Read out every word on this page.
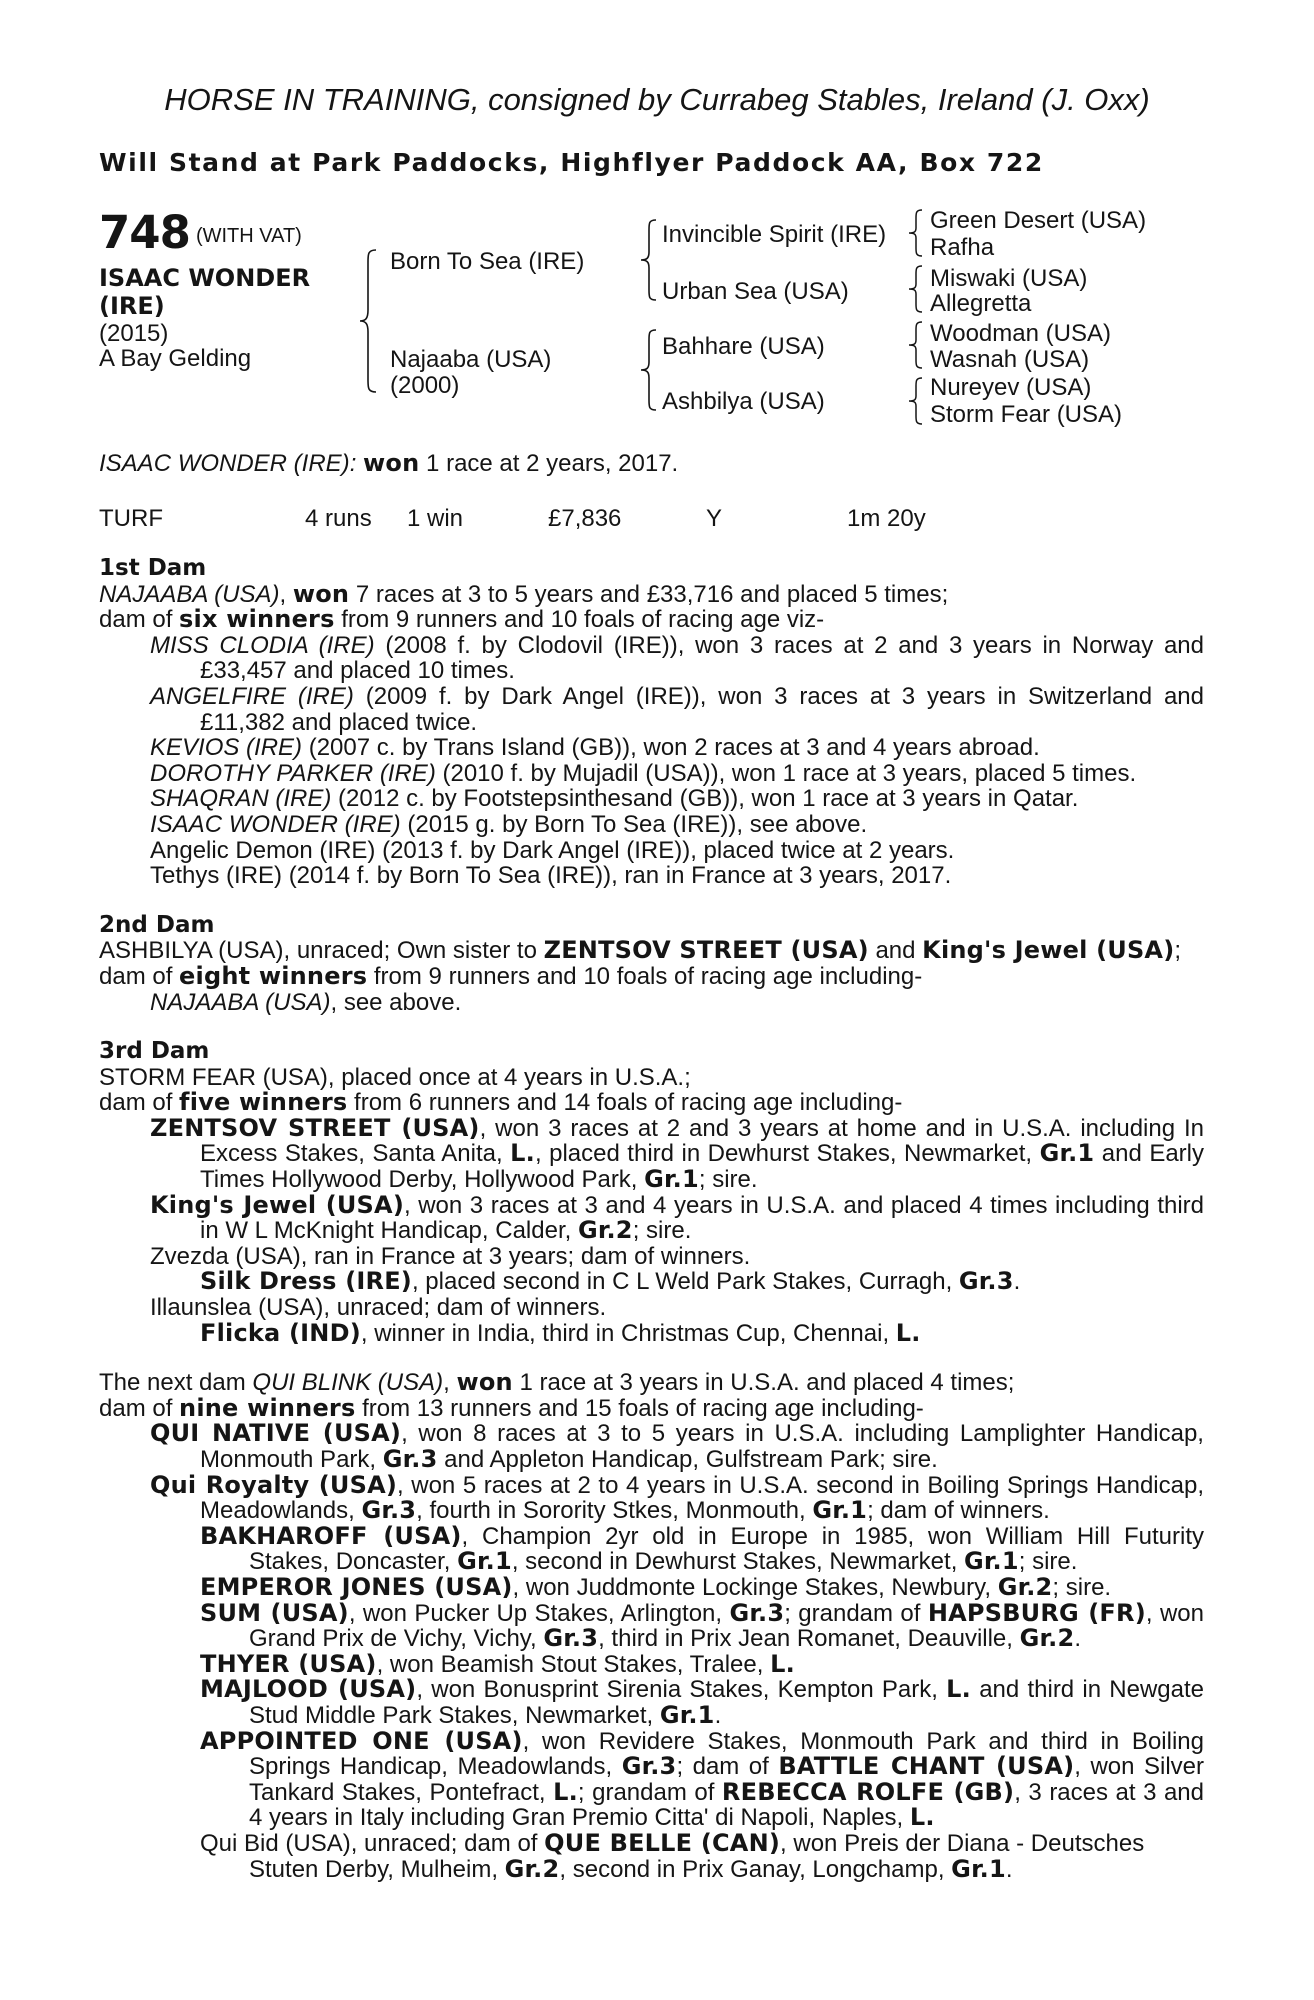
HORSE IN TRAINING, consigned by Currabeg Stables, Ireland (J. Oxx)
Will Stand at Park Paddocks, Highflyer Paddock AA, Box 722
748 (WITH VAT)
ISAAC WONDER
(IRE)
(2015)
A Bay Gelding
Born To Sea (IRE)
Najaaba (USA)
(2000)
Invincible Spirit (IRE)
Urban Sea (USA)
Bahhare (USA)
Ashbilya (USA)
Green Desert (USA)
Rafha
Miswaki (USA)
Allegretta
Woodman (USA)
Wasnah (USA)
Nureyev (USA)
Storm Fear (USA)
ISAAC WONDER (IRE): won 1 race at 2 years, 2017.
TURF	4 runs 1 win	£7,836	Y	1m 20y

1st Dam

NAJAABA (USA), won 7 races at 3 to 5 years and £33,716 and placed 5 times;

dam of six winners from 9 runners and 10 foals of racing age viz-

MISS CLODIA (IRE) (2008 f. by Clodovil (IRE)), won 3 races at 2 and 3 years in Norway and £33,457 and placed 10 times.

ANGELFIRE (IRE) (2009 f. by Dark Angel (IRE)), won 3 races at 3 years in Switzerland and £11,382 and placed twice.

KEVIOS (IRE) (2007 c. by Trans Island (GB)), won 2 races at 3 and 4 years abroad.

DOROTHY PARKER (IRE) (2010 f. by Mujadil (USA)), won 1 race at 3 years, placed 5 times.

SHAQRAN (IRE) (2012 c. by Footstepsinthesand (GB)), won 1 race at 3 years in Qatar.

ISAAC WONDER (IRE) (2015 g. by Born To Sea (IRE)), see above.

Angelic Demon (IRE) (2013 f. by Dark Angel (IRE)), placed twice at 2 years.

Tethys (IRE) (2014 f. by Born To Sea (IRE)), ran in France at 3 years, 2017.

2nd Dam

ASHBILYA (USA), unraced; Own sister to ZENTSOV STREET (USA) and King's Jewel (USA);

dam of eight winners from 9 runners and 10 foals of racing age including-

NAJAABA (USA), see above.

3rd Dam

STORM FEAR (USA), placed once at 4 years in U.S.A.;

dam of five winners from 6 runners and 14 foals of racing age including-

ZENTSOV STREET (USA), won 3 races at 2 and 3 years at home and in U.S.A. including In Excess Stakes, Santa Anita, L., placed third in Dewhurst Stakes, Newmarket, Gr.1 and Early Times Hollywood Derby, Hollywood Park, Gr.1; sire.

King's Jewel (USA), won 3 races at 3 and 4 years in U.S.A. and placed 4 times including third in W L McKnight Handicap, Calder, Gr.2; sire.

Zvezda (USA), ran in France at 3 years; dam of winners.

Silk Dress (IRE), placed second in C L Weld Park Stakes, Curragh, Gr.3.

Illaunslea (USA), unraced; dam of winners.

Flicka (IND), winner in India, third in Christmas Cup, Chennai, L.

The next dam QUI BLINK (USA), won 1 race at 3 years in U.S.A. and placed 4 times;

dam of nine winners from 13 runners and 15 foals of racing age including-

QUI NATIVE (USA), won 8 races at 3 to 5 years in U.S.A. including Lamplighter Handicap, Monmouth Park, Gr.3 and Appleton Handicap, Gulfstream Park; sire.

Qui Royalty (USA), won 5 races at 2 to 4 years in U.S.A. second in Boiling Springs Handicap, Meadowlands, Gr.3, fourth in Sorority Stkes, Monmouth, Gr.1; dam of winners.

BAKHAROFF (USA), Champion 2yr old in Europe in 1985, won William Hill Futurity Stakes, Doncaster, Gr.1, second in Dewhurst Stakes, Newmarket, Gr.1; sire.

EMPEROR JONES (USA), won Juddmonte Lockinge Stakes, Newbury, Gr.2; sire.

SUM (USA), won Pucker Up Stakes, Arlington, Gr.3; grandam of HAPSBURG (FR), won Grand Prix de Vichy, Vichy, Gr.3, third in Prix Jean Romanet, Deauville, Gr.2.

THYER (USA), won Beamish Stout Stakes, Tralee, L.

MAJLOOD (USA), won Bonusprint Sirenia Stakes, Kempton Park, L. and third in Newgate Stud Middle Park Stakes, Newmarket, Gr.1.

APPOINTED ONE (USA), won Revidere Stakes, Monmouth Park and third in Boiling Springs Handicap, Meadowlands, Gr.3; dam of BATTLE CHANT (USA), won Silver Tankard Stakes, Pontefract, L.; grandam of REBECCA ROLFE (GB), 3 races at 3 and 4 years in Italy including Gran Premio Citta' di Napoli, Naples, L.

Qui Bid (USA), unraced; dam of QUE BELLE (CAN), won Preis der Diana - Deutsches Stuten Derby, Mulheim, Gr.2, second in Prix Ganay, Longchamp, Gr.1.
